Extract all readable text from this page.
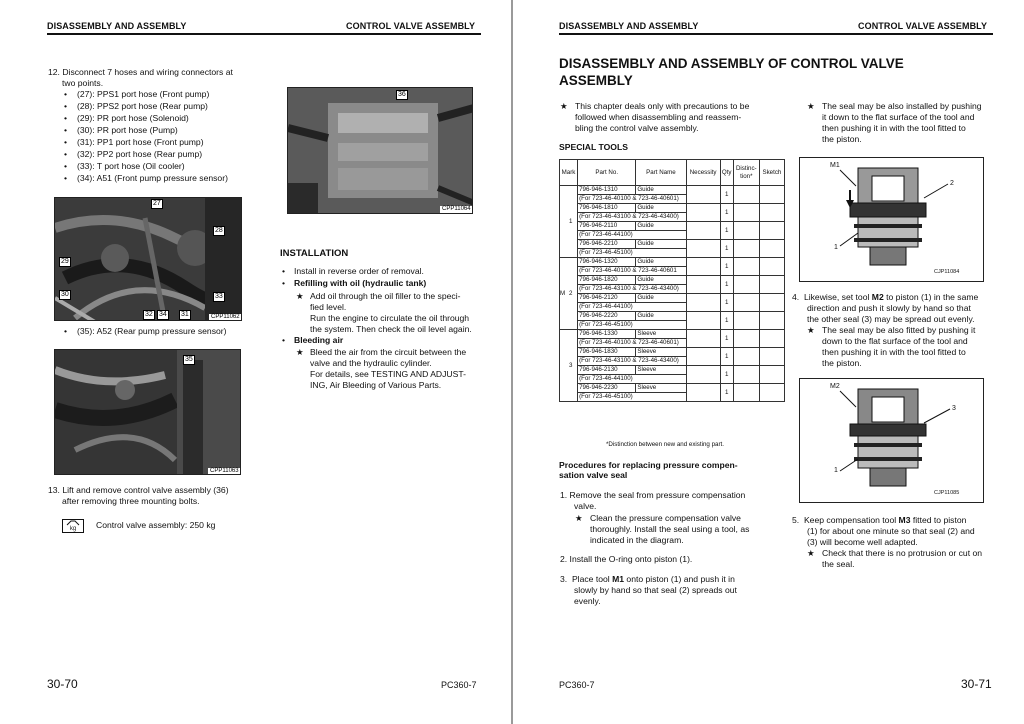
DISASSEMBLY AND ASSEMBLY	CONTROL VALVE ASSEMBLY
12. Disconnect 7 hoses and wiring connectors at
two points.
• (27): PPS1 port hose (Front pump)
• (28): PPS2 port hose (Rear pump)
• (29): PR port hose (Solenoid)
• (30): PR port hose (Pump)
• (31): PP1 port hose (Front pump)
• (32): PP2 port hose (Rear pump)
• (33): T port hose (Oil cooler)
• (34): A51 (Front pump pressure sensor)
27
28
29
30
32 34 31
33
CPP11062
• (35): A52 (Rear pump pressure sensor)
35
CPP11063
13. Lift and remove control valve assembly (36)
after removing three mounting bolts.
kg	Control valve assembly: 250 kg
36
CPP11064
INSTALLATION
• Install in reverse order of removal.
• Refilling with oil (hydraulic tank)
★ Add oil through the oil filler to the speci-
fied level.
Run the engine to circulate the oil through
the system. Then check the oil level again.
• Bleeding air
★ Bleed the air from the circuit between the
valve and the hydraulic cylinder.
For details, see TESTING AND ADJUST-
ING, Air Bleeding of Various Parts.
30-70	PC360-7
DISASSEMBLY AND ASSEMBLY	CONTROL VALVE ASSEMBLY
DISASSEMBLY AND ASSEMBLY OF CONTROL VALVE
ASSEMBLY
★ This chapter deals only with precautions to be
followed when disassembling and reassem-
bling the control valve assembly.
SPECIAL TOOLS
Mark	Part No.	Part Name	Necessity	Qty	Distinc-tion*	Sketch

1	796-946-1310	Guide		1		
	(For 723-46-40100 & 723-46-40601)					
	796-946-1810	Guide		1		
	(For 723-46-43100 & 723-46-43400)					
	796-946-2110	Guide		1		
	(For 723-46-44100)					
	796-946-2210	Guide		1		
	(For 723-46-45100)					

M 2	796-946-1320	Guide		1		
	(For 723-46-40100 & 723-46-40601					
	796-946-1820	Guide		1		
	(For 723-46-43100 & 723-46-43400)					
	796-946-2120	Guide		1		
	(For 723-46-44100)					
	796-946-2220	Guide		1		
	(For 723-46-45100)					

3	796-946-1330	Sleeve		1		
	(For 723-46-40100 & 723-46-40601)					
	796-946-1830	Sleeve		1		
	(For 723-46-43100 & 723-46-43400)					
	796-946-2130	Sleeve		1		
	(For 723-46-44100)					
	796-946-2230	Sleeve		1		
	(For 723-46-45100)					
*Distinction between new and existing part.
Procedures for replacing pressure compen-
sation valve seal
1. Remove the seal from pressure compensation
valve.
★ Clean the pressure compensation valve
thoroughly. Install the seal using a tool, as
indicated in the diagram.
2. Install the O-ring onto piston (1).
3.  Place tool M1 onto piston (1) and push it in
slowly by hand so that seal (2) spreads out
evenly.
★ The seal may be also installed by pushing
it down to the flat surface of the tool and
then pushing it in with the tool fitted to
the piston.
M1
2
1
CJP11084
4.  Likewise, set tool M2 to piston (1) in the same
direction and push it slowly by hand so that
the other seal (3) may be spread out evenly.
★ The seal may be also fitted by pushing it
down to the flat surface of the tool and
then pushing it in with the tool fitted to
the piston.
M2
3
1
CJP11085
5.  Keep compensation tool M3 fitted to piston
(1) for about one minute so that seal (2) and
(3) will become well adapted.
★ Check that there is no protrusion or cut on
the seal.
PC360-7	30-71
